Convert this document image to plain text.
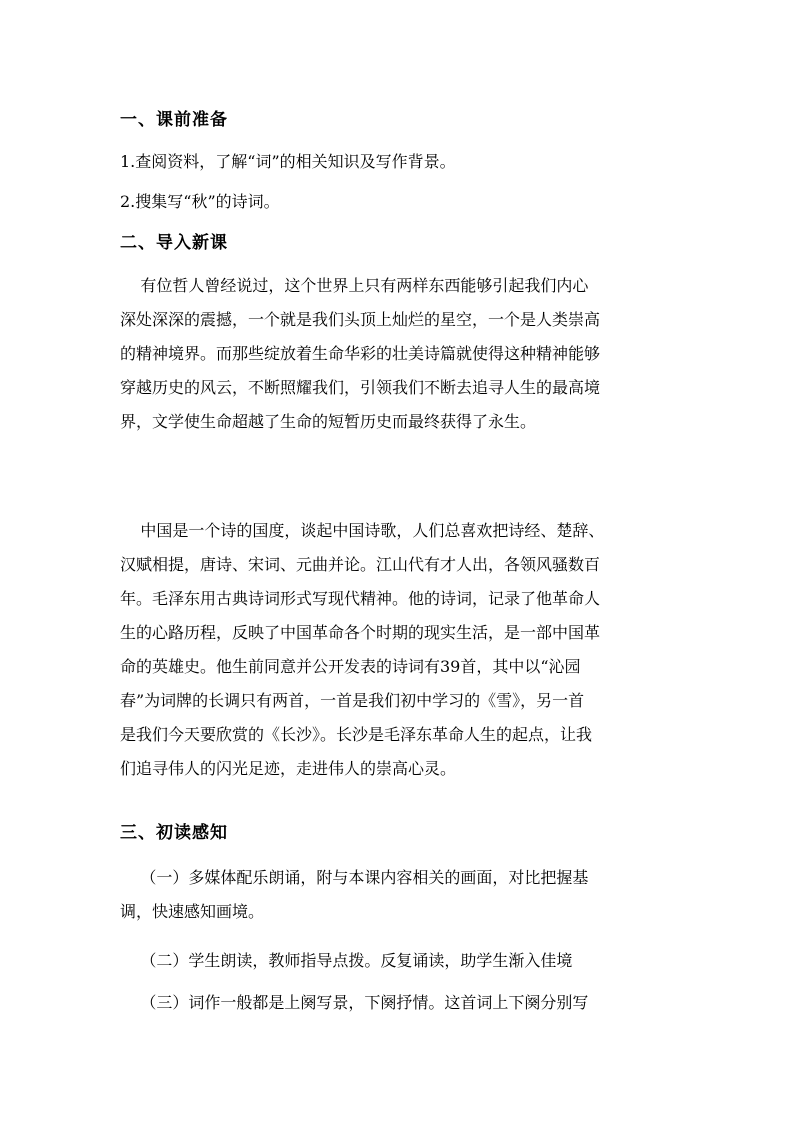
一、课前准备
1.查阅资料，了解“词”的相关知识及写作背景。
2.搜集写“秋”的诗词。
二、导入新课
有位哲人曾经说过，这个世界上只有两样东西能够引起我们内心
深处深深的震撼，一个就是我们头顶上灿烂的星空，一个是人类崇高
的精神境界。而那些绽放着生命华彩的壮美诗篇就使得这种精神能够
穿越历史的风云，不断照耀我们，引领我们不断去追寻人生的最高境
界，文学使生命超越了生命的短暂历史而最终获得了永生。
中国是一个诗的国度，谈起中国诗歌，人们总喜欢把诗经、楚辞、
汉赋相提，唐诗、宋词、元曲并论。江山代有才人出，各领风骚数百
年。毛泽东用古典诗词形式写现代精神。他的诗词，记录了他革命人
生的心路历程，反映了中国革命各个时期的现实生活，是一部中国革
命的英雄史。他生前同意并公开发表的诗词有39首，其中以“沁园
春”为词牌的长调只有两首，一首是我们初中学习的《雪》，另一首
是我们今天要欣赏的《长沙》。长沙是毛泽东革命人生的起点，让我
们追寻伟人的闪光足迹，走进伟人的崇高心灵。
三、初读感知
（一）多媒体配乐朗诵，附与本课内容相关的画面，对比把握基
调，快速感知画境。
（二）学生朗读，教师指导点拨。反复诵读，助学生渐入佳境
（三）词作一般都是上阕写景，下阕抒情。这首词上下阕分别写
